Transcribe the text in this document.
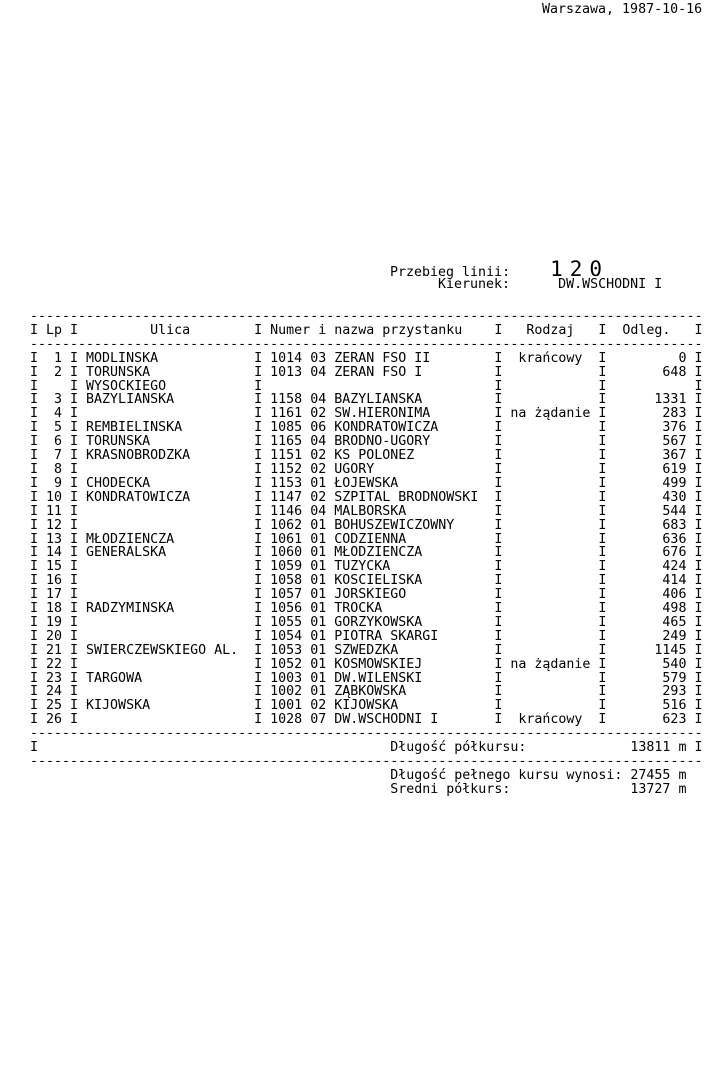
Warszawa, 1987-10-16
Przebieg linii: 120
Kierunek:	DW.WSCHODNI I
------------------------------------------------------------------------------------
I Lp I         Ulica        I Numer i nazwa przystanku    I   Rodzaj   I  Odleg.   I
------------------------------------------------------------------------------------
I  1 I MODLINSKA            I 1014 03 ZERAN FSO II        I  krańcowy  I         0 I
I  2 I TORUNSKA             I 1013 04 ZERAN FSO I         I            I       648 I
I    I WYSOCKIEGO           I                             I            I           I
I  3 I BAZYLIANSKA          I 1158 04 BAZYLIANSKA         I            I      1331 I
I  4 I                      I 1161 02 SW.HIERONIMA        I na żądanie I       283 I
I  5 I REMBIELINSKA         I 1085 06 KONDRATOWICZA       I            I       376 I
I  6 I TORUNSKA             I 1165 04 BRODNO-UGORY        I            I       567 I
I  7 I KRASNOBRODZKA        I 1151 02 KS POLONEZ          I            I       367 I
I  8 I                      I 1152 02 UGORY               I            I       619 I
I  9 I CHODECKA             I 1153 01 ŁOJEWSKA            I            I       499 I
I 10 I KONDRATOWICZA        I 1147 02 SZPITAL BRODNOWSKI  I            I       430 I
I 11 I                      I 1146 04 MALBORSKA           I            I       544 I
I 12 I                      I 1062 01 BOHUSZEWICZOWNY     I            I       683 I
I 13 I MŁODZIENCZA          I 1061 01 CODZIENNA           I            I       636 I
I 14 I GENERALSKA           I 1060 01 MŁODZIENCZA         I            I       676 I
I 15 I                      I 1059 01 TUZYCKA             I            I       424 I
I 16 I                      I 1058 01 KOSCIELISKA         I            I       414 I
I 17 I                      I 1057 01 JORSKIEGO           I            I       406 I
I 18 I RADZYMINSKA          I 1056 01 TROCKA              I            I       498 I
I 19 I                      I 1055 01 GORZYKOWSKA         I            I       465 I
I 20 I                      I 1054 01 PIOTRA SKARGI       I            I       249 I
I 21 I SWIERCZEWSKIEGO AL.  I 1053 01 SZWEDZKA            I            I      1145 I
I 22 I                      I 1052 01 KOSMOWSKIEJ         I na żądanie I       540 I
I 23 I TARGOWA              I 1003 01 DW.WILENSKI         I            I       579 I
I 24 I                      I 1002 01 ZĄBKOWSKA           I            I       293 I
I 25 I KIJOWSKA             I 1001 02 KIJOWSKA            I            I       516 I
I 26 I                      I 1028 07 DW.WSCHODNI I       I  krańcowy  I       623 I
------------------------------------------------------------------------------------
I                                            Długość półkursu:             13811 m I
------------------------------------------------------------------------------------
Długość pełnego kursu wynosi: 27455 m
Sredni półkurs:               13727 m
